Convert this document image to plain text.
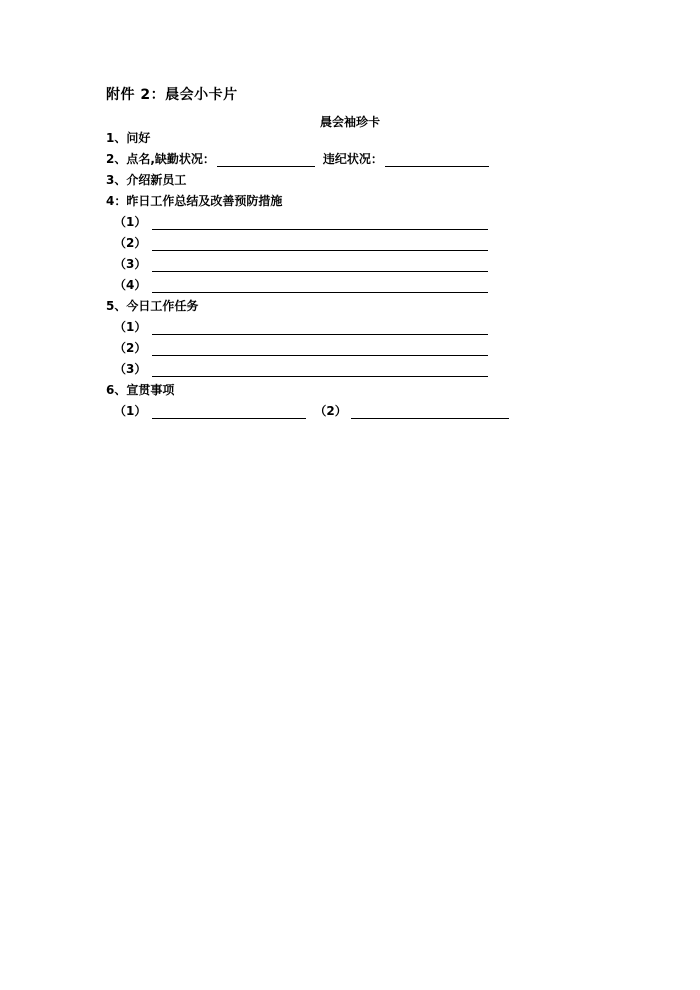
附件 2：晨会小卡片
晨会袖珍卡
1、问好
2、点名,缺勤状况：	违纪状况：
3、介绍新员工
4：昨日工作总结及改善预防措施
（1）
（2）
（3）
（4）
5、今日工作任务
（1）
（2）
（3）
6、宣贯事项
（1）	（2）
